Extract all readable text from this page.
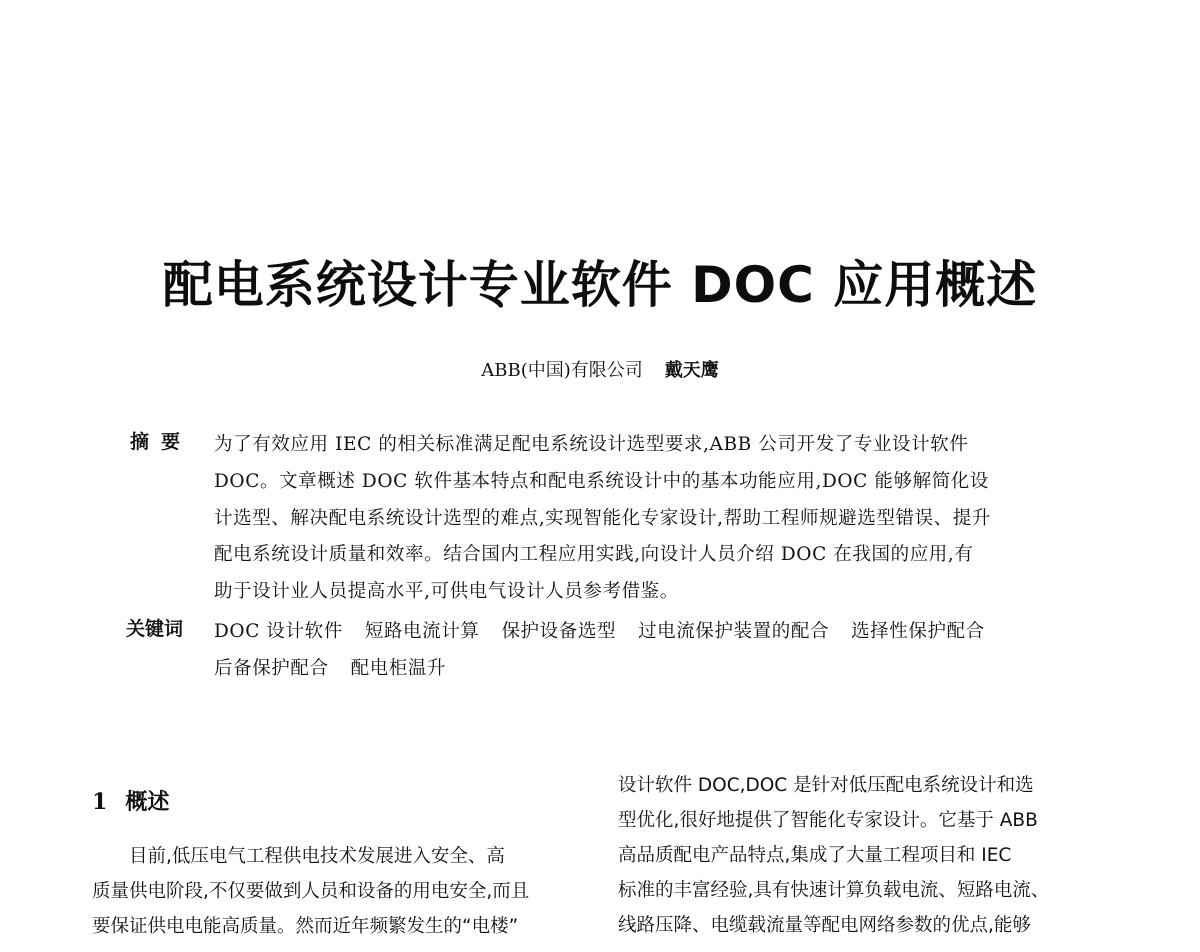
配电系统设计专业软件 DOC 应用概述
ABB(中国)有限公司 戴天鹰
摘要 为了有效应用 IEC 的相关标准满足配电系统设计选型要求,ABB 公司开发了专业设计软件
DOC。文章概述 DOC 软件基本特点和配电系统设计中的基本功能应用,DOC 能够解简化设
计选型、解决配电系统设计选型的难点,实现智能化专家设计,帮助工程师规避选型错误、提升
配电系统设计质量和效率。结合国内工程应用实践,向设计人员介绍 DOC 在我国的应用,有
助于设计业人员提高水平,可供电气设计人员参考借鉴。
关键词 DOC 设计软件 短路电流计算 保护设备选型 过电流保护装置的配合 选择性保护配合
后备保护配合 配电柜温升
1 概述
　　目前,低压电气工程供电技术发展进入安全、高
质量供电阶段,不仅要做到人员和设备的用电安全,而且
要保证供电电能高质量。然而近年频繁发生的“电楼”
设计软件 DOC,DOC 是针对低压配电系统设计和选
型优化,很好地提供了智能化专家设计。它基于 ABB
高品质配电产品特点,集成了大量工程项目和 IEC
标准的丰富经验,具有快速计算负载电流、短路电流、
线路压降、电缆载流量等配电网络参数的优点,能够
